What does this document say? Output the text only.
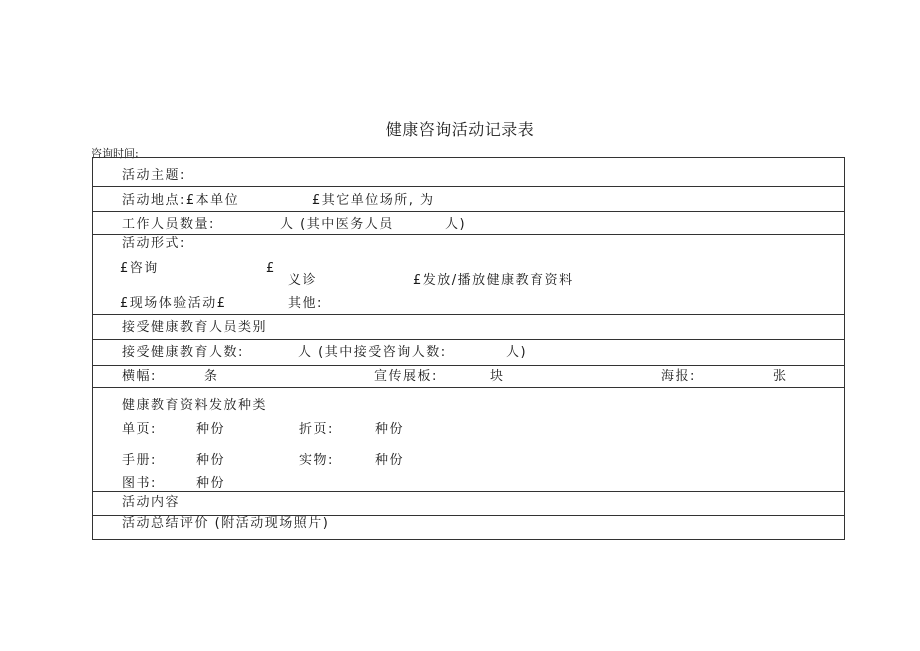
健康咨询活动记录表
咨询时间:
活动主题:
活动地点:£本单位	£其它单位场所, 为
工作人员数量:	人 (其中医务人员	人)
活动形式:
£咨询	£
义诊	£发放/播放健康教育资料
£现场体验活动£	其他:
接受健康教育人员类别
接受健康教育人数:	人 (其中接受咨询人数:	人)
横幅:	条	宣传展板:	块	海报:	张
健康教育资料发放种类
单页:	种份	折页:	种份
手册:	种份	实物:	种份
图书:	种份
活动内容
活动总结评价 (附活动现场照片)
